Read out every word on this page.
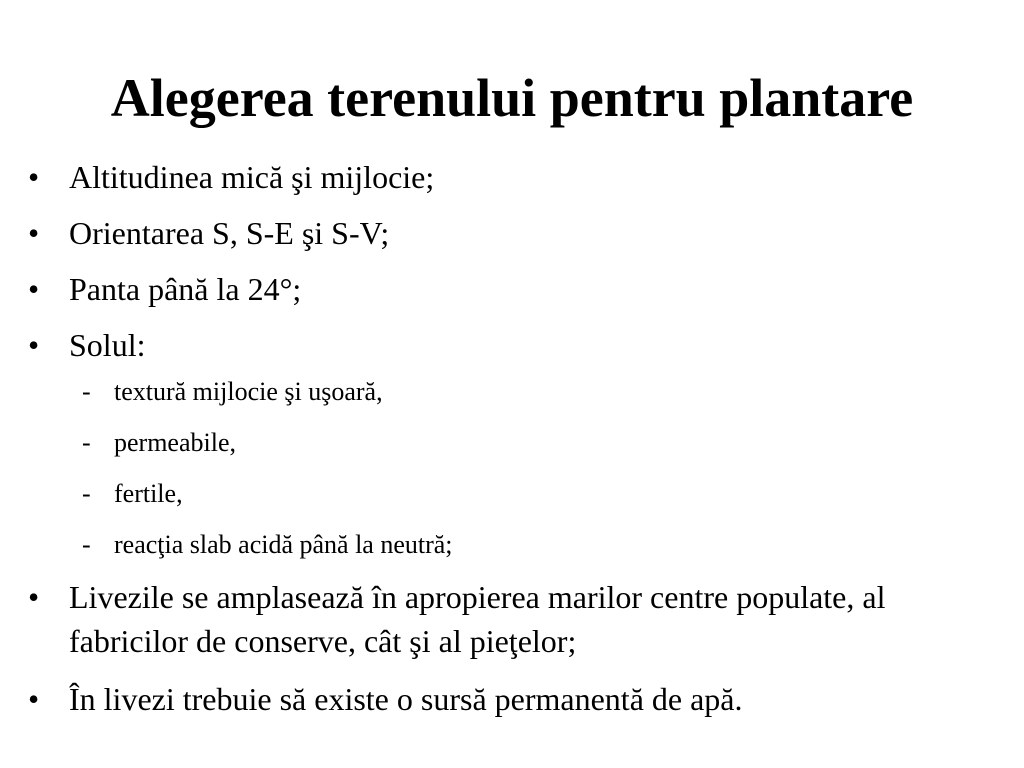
Alegerea terenului pentru plantare
• Altitudinea mică şi mijlocie;
• Orientarea S, S-E şi S-V;
• Panta până la 24°;
• Solul:
- textură mijlocie şi uşoară,
- permeabile,
- fertile,
- reacţia slab acidă până la neutră;
• Livezile se amplasează în apropierea marilor centre populate, al fabricilor de conserve, cât şi al pieţelor;
• În livezi trebuie să existe o sursă permanentă de apă.
